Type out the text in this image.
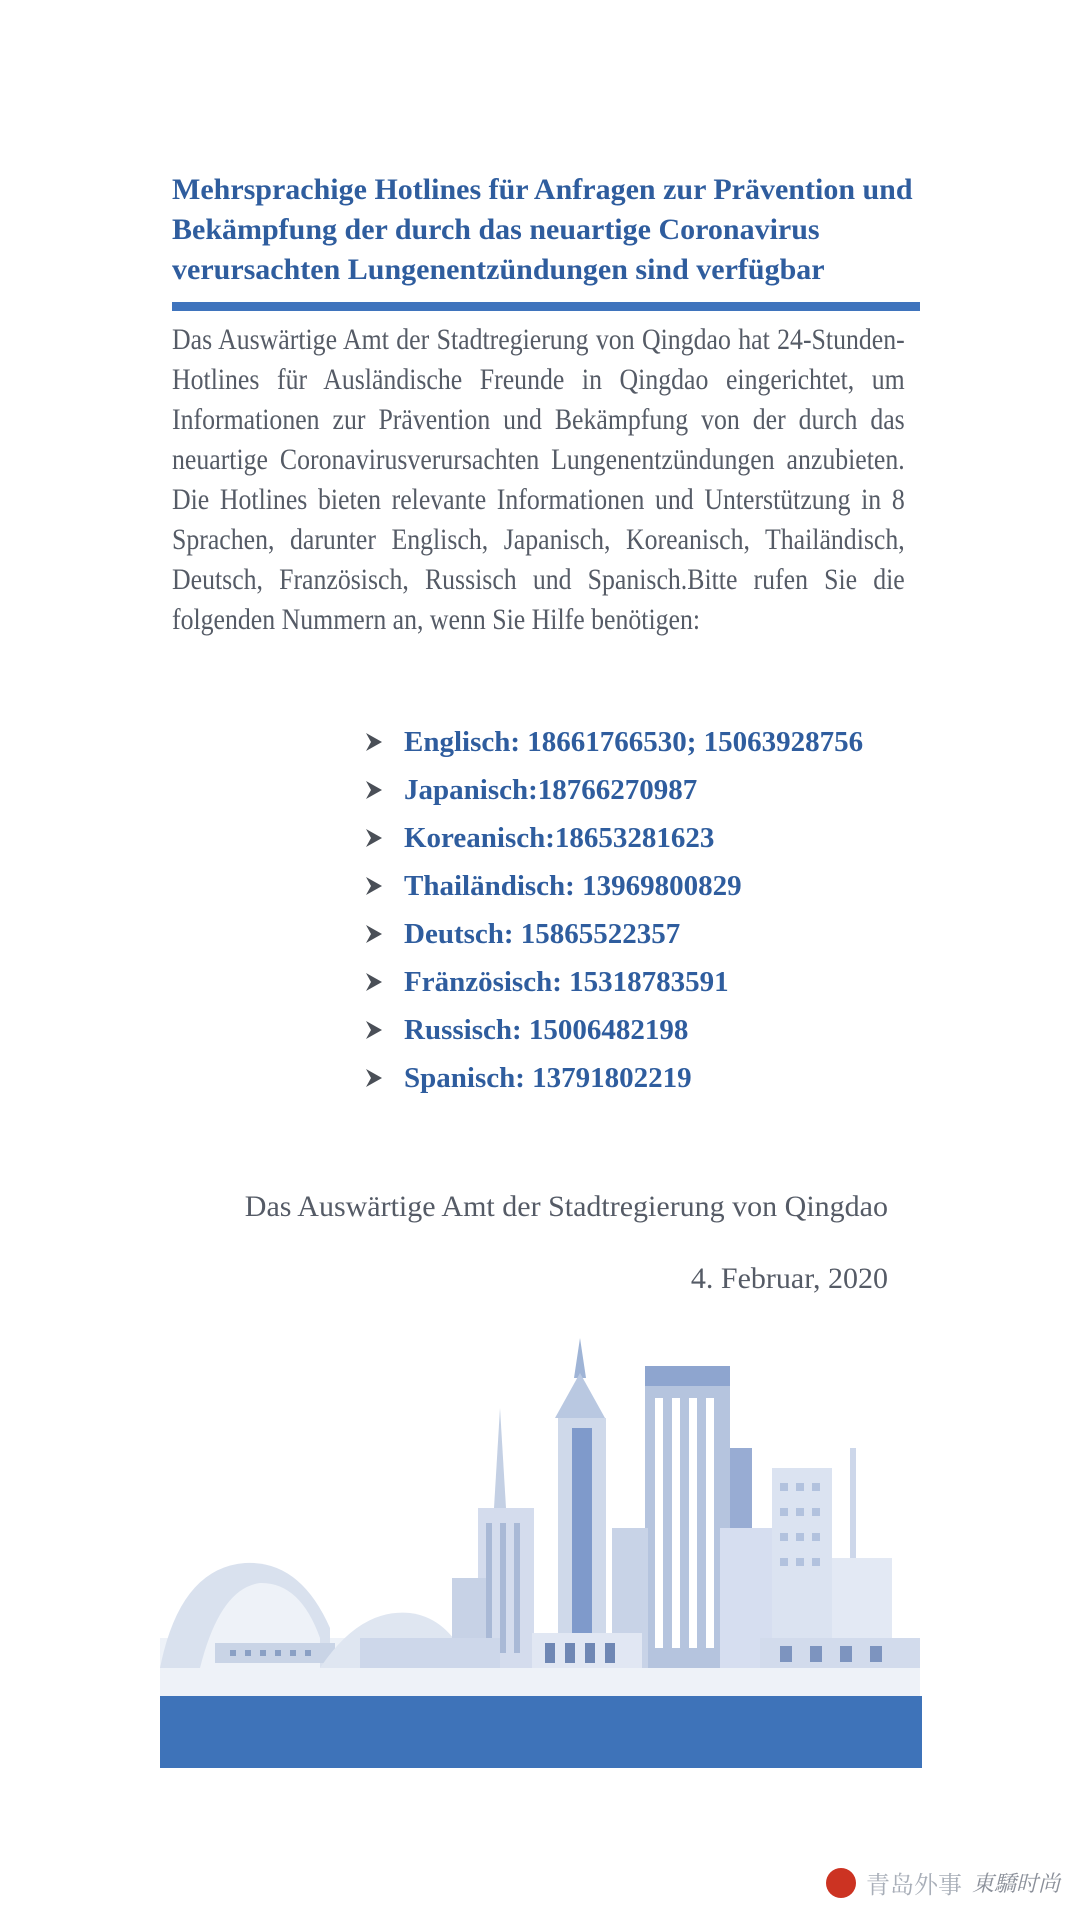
Mehrsprachige Hotlines für Anfragen zur Prävention und Bekämpfung der durch das neuartige Coronavirus verursachten Lungenentzündungen sind verfügbar

Das Auswärtige Amt der Stadtregierung von Qingdao hat 24-Stunden-Hotlines für Ausländische Freunde in Qingdao eingerichtet, um Informationen zur Prävention und Bekämpfung von der durch das neuartige Coronavirusverursachten Lungenentzündungen anzubieten. Die Hotlines bieten relevante Informationen und Unterstützung in 8 Sprachen, darunter Englisch, Japanisch, Koreanisch, Thailändisch, Deutsch, Französisch, Russisch und Spanisch.Bitte rufen Sie die folgenden Nummern an, wenn Sie Hilfe benötigen:

Englisch: 18661766530; 15063928756
Japanisch:18766270987
Koreanisch:18653281623
Thailändisch: 13969800829
Deutsch: 15865522357
Fränzösisch: 15318783591
Russisch: 15006482198
Spanisch: 13791802219

Das Auswärtige Amt der Stadtregierung von Qingdao

4. Februar, 2020

青岛外事 東驕时尚
